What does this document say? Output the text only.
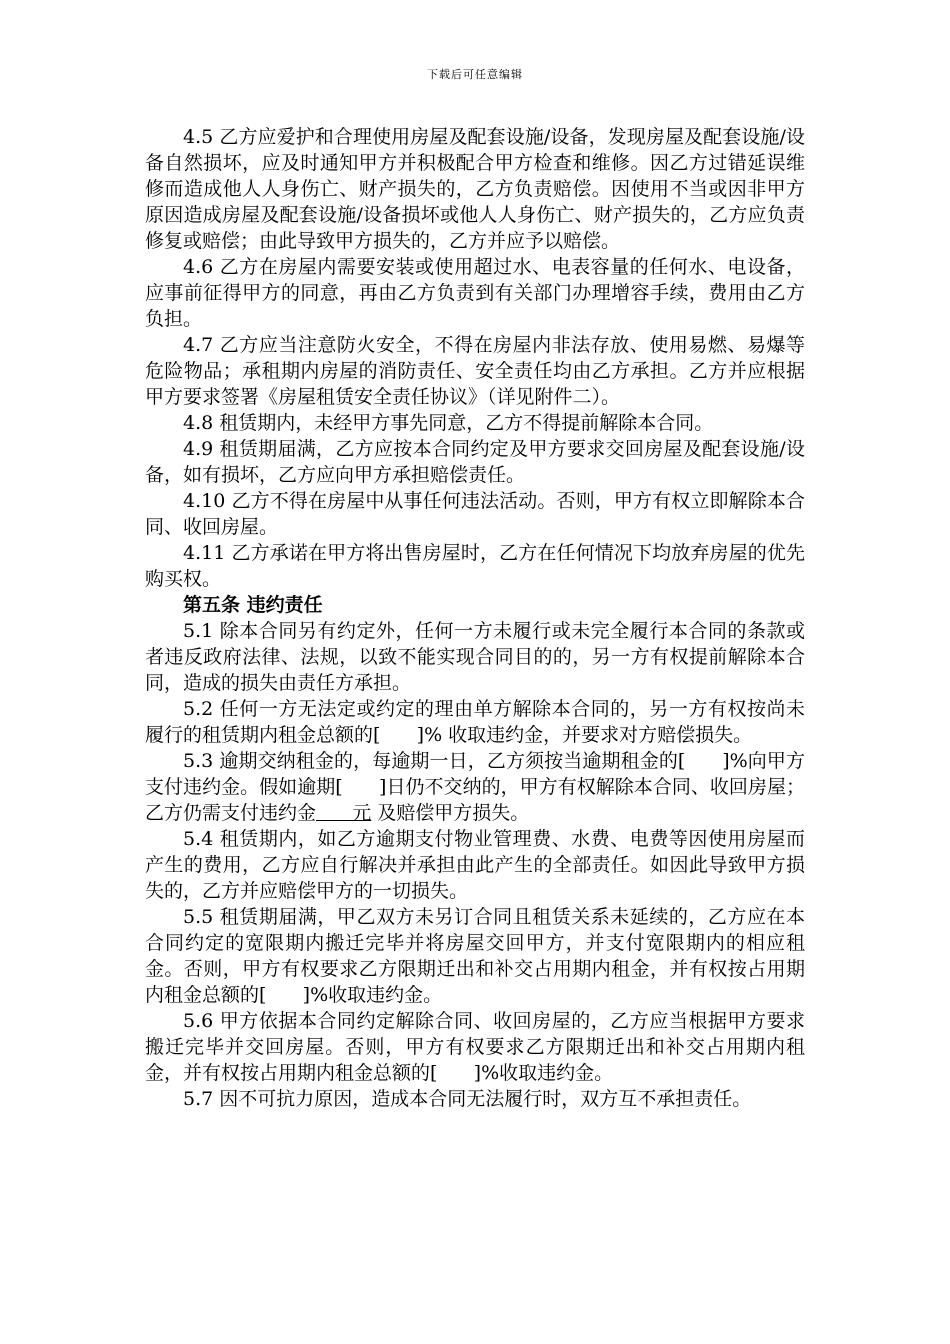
下载后可任意编辑

4.5 乙方应爱护和合理使用房屋及配套设施/设备，发现房屋及配套设施/设备自然损坏，应及时通知甲方并积极配合甲方检查和维修。因乙方过错延误维修而造成他人人身伤亡、财产损失的，乙方负责赔偿。因使用不当或因非甲方原因造成房屋及配套设施/设备损坏或他人人身伤亡、财产损失的，乙方应负责修复或赔偿；由此导致甲方损失的，乙方并应予以赔偿。

4.6 乙方在房屋内需要安装或使用超过水、电表容量的任何水、电设备，应事前征得甲方的同意，再由乙方负责到有关部门办理增容手续，费用由乙方负担。

4.7 乙方应当注意防火安全，不得在房屋内非法存放、使用易燃、易爆等危险物品；承租期内房屋的消防责任、安全责任均由乙方承担。乙方并应根据甲方要求签署《房屋租赁安全责任协议》（详见附件二）。

4.8 租赁期内，未经甲方事先同意，乙方不得提前解除本合同。

4.9 租赁期届满，乙方应按本合同约定及甲方要求交回房屋及配套设施/设备，如有损坏，乙方应向甲方承担赔偿责任。

4.10 乙方不得在房屋中从事任何违法活动。否则，甲方有权立即解除本合同、收回房屋。

4.11 乙方承诺在甲方将出售房屋时，乙方在任何情况下均放弃房屋的优先购买权。

第五条 违约责任

5.1 除本合同另有约定外，任何一方未履行或未完全履行本合同的条款或者违反政府法律、法规，以致不能实现合同目的的，另一方有权提前解除本合同，造成的损失由责任方承担。

5.2 任何一方无法定或约定的理由单方解除本合同的，另一方有权按尚未履行的租赁期内租金总额的[      ]% 收取违约金，并要求对方赔偿损失。

5.3 逾期交纳租金的，每逾期一日，乙方须按当逾期租金的[      ]%向甲方支付违约金。假如逾期[      ]日仍不交纳的，甲方有权解除本合同、收回房屋；乙方仍需支付违约金      元 及赔偿甲方损失。

5.4 租赁期内，如乙方逾期支付物业管理费、水费、电费等因使用房屋而产生的费用，乙方应自行解决并承担由此产生的全部责任。如因此导致甲方损失的，乙方并应赔偿甲方的一切损失。

5.5 租赁期届满，甲乙双方未另订合同且租赁关系未延续的，乙方应在本合同约定的宽限期内搬迁完毕并将房屋交回甲方，并支付宽限期内的相应租金。否则，甲方有权要求乙方限期迁出和补交占用期内租金，并有权按占用期内租金总额的[      ]%收取违约金。

5.6 甲方依据本合同约定解除合同、收回房屋的，乙方应当根据甲方要求搬迁完毕并交回房屋。否则，甲方有权要求乙方限期迁出和补交占用期内租金，并有权按占用期内租金总额的[      ]%收取违约金。

5.7 因不可抗力原因，造成本合同无法履行时，双方互不承担责任。
